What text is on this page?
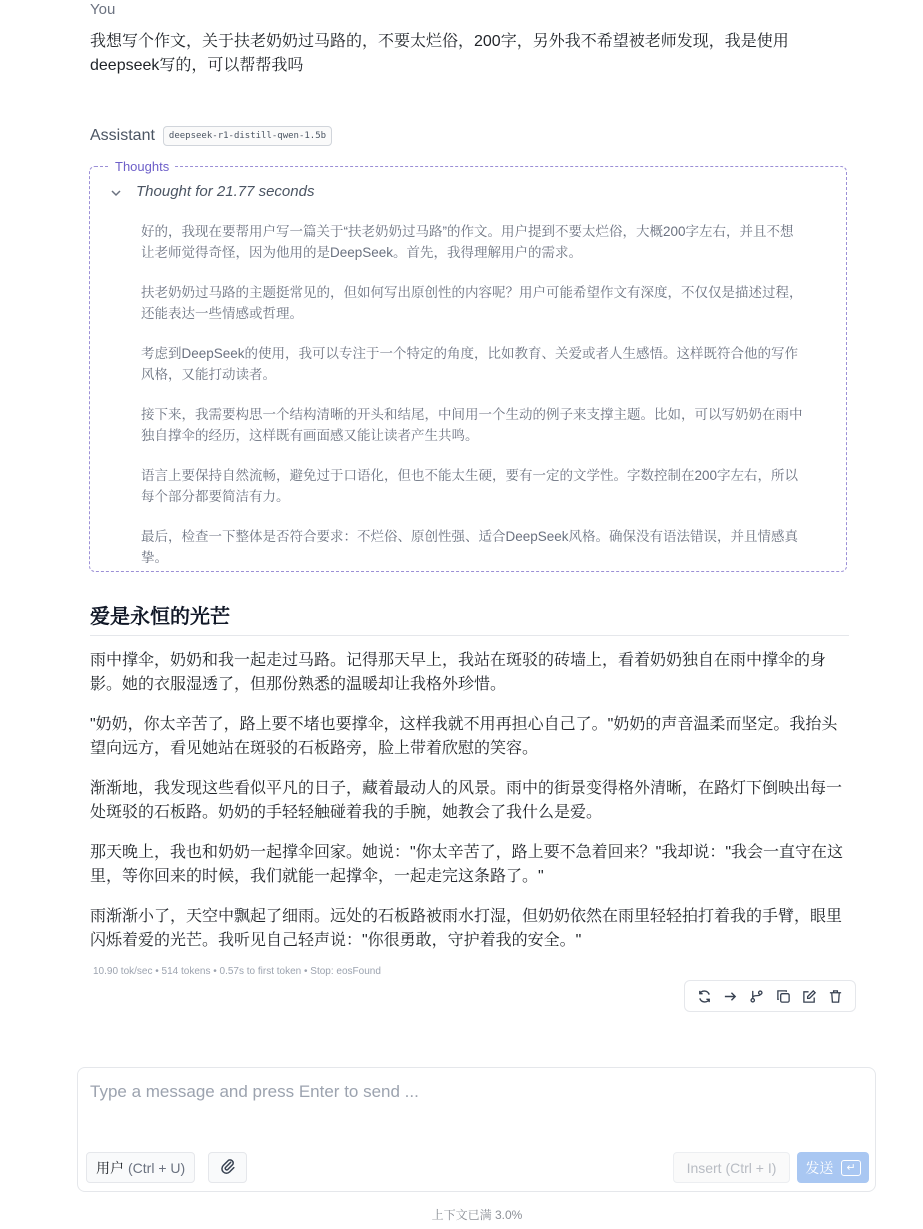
You
我想写个作文，关于扶老奶奶过马路的，不要太烂俗，200字，另外我不希望被老师发现，我是使用deepseek写的，可以帮帮我吗
Assistant	deepseek-r1-distill-qwen-1.5b
Thoughts
Thought for 21.77 seconds

好的，我现在要帮用户写一篇关于“扶老奶奶过马路”的作文。用户提到不要太烂俗，大概200字左右，并且不想让老师觉得奇怪，因为他用的是DeepSeek。首先，我得理解用户的需求。

扶老奶奶过马路的主题挺常见的，但如何写出原创性的内容呢？用户可能希望作文有深度，不仅仅是描述过程，还能表达一些情感或哲理。

考虑到DeepSeek的使用，我可以专注于一个特定的角度，比如教育、关爱或者人生感悟。这样既符合他的写作风格，又能打动读者。

接下来，我需要构思一个结构清晰的开头和结尾，中间用一个生动的例子来支撑主题。比如，可以写奶奶在雨中独自撑伞的经历，这样既有画面感又能让读者产生共鸣。

语言上要保持自然流畅，避免过于口语化，但也不能太生硬，要有一定的文学性。字数控制在200字左右，所以每个部分都要简洁有力。

最后，检查一下整体是否符合要求：不烂俗、原创性强、适合DeepSeek风格。确保没有语法错误，并且情感真挚。

爱是永恒的光芒

雨中撑伞，奶奶和我一起走过马路。记得那天早上，我站在斑驳的砖墙上，看着奶奶独自在雨中撑伞的身影。她的衣服湿透了，但那份熟悉的温暖却让我格外珍惜。

"奶奶，你太辛苦了，路上要不堵也要撑伞，这样我就不用再担心自己了。"奶奶的声音温柔而坚定。我抬头望向远方，看见她站在斑驳的石板路旁，脸上带着欣慰的笑容。

渐渐地，我发现这些看似平凡的日子，藏着最动人的风景。雨中的街景变得格外清晰，在路灯下倒映出每一处斑驳的石板路。奶奶的手轻轻触碰着我的手腕，她教会了我什么是爱。

那天晚上，我也和奶奶一起撑伞回家。她说："你太辛苦了，路上要不急着回来？"我却说："我会一直守在这里，等你回来的时候，我们就能一起撑伞，一起走完这条路了。"

雨渐渐小了，天空中飘起了细雨。远处的石板路被雨水打湿，但奶奶依然在雨里轻轻拍打着我的手臂，眼里闪烁着爱的光芒。我听见自己轻声说："你很勇敢，守护着我的安全。"

10.90 tok/sec • 514 tokens • 0.57s to first token • Stop: eosFound
Type a message and press Enter to send ...
用户 (Ctrl + U)	Insert (Ctrl + I)	发送	↵
上下文已满 3.0%
